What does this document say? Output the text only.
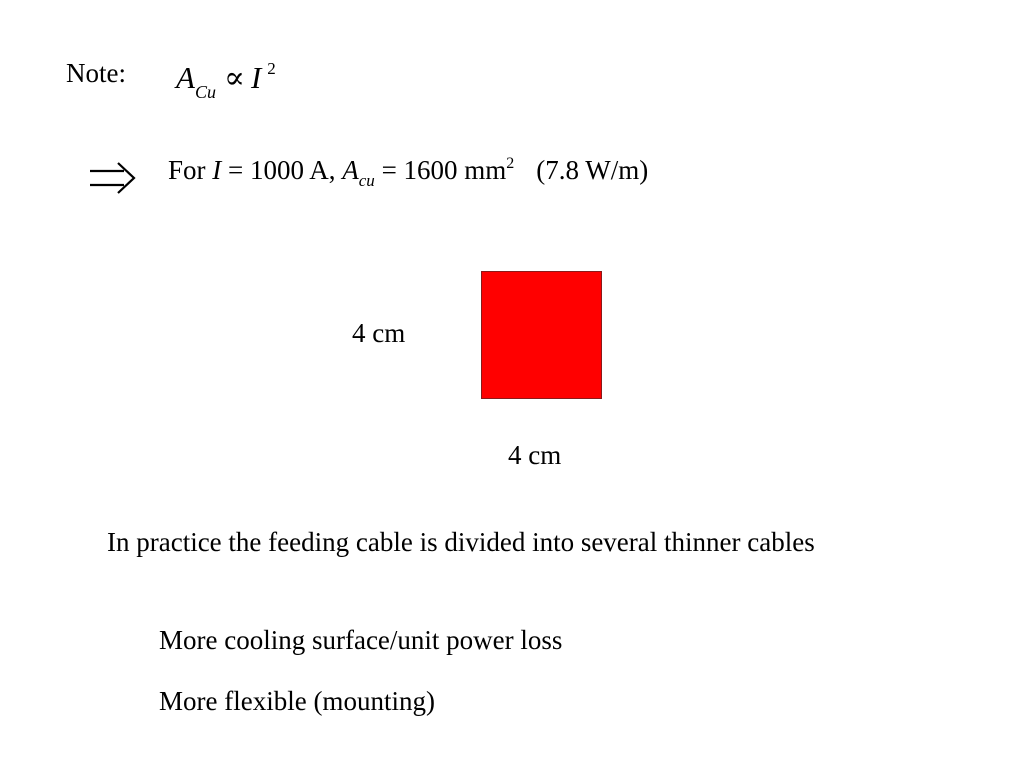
Note: $A_{Cu} \propto I$ $^2$
For I = 1000 A, $A_{cu} = 1600$ $mm^2$ (7.8 W/m)
4 cm
4 cm
In practice the feeding cable is divided into several thinner cables
More cooling surface/unit power loss
More flexible (mounting)
